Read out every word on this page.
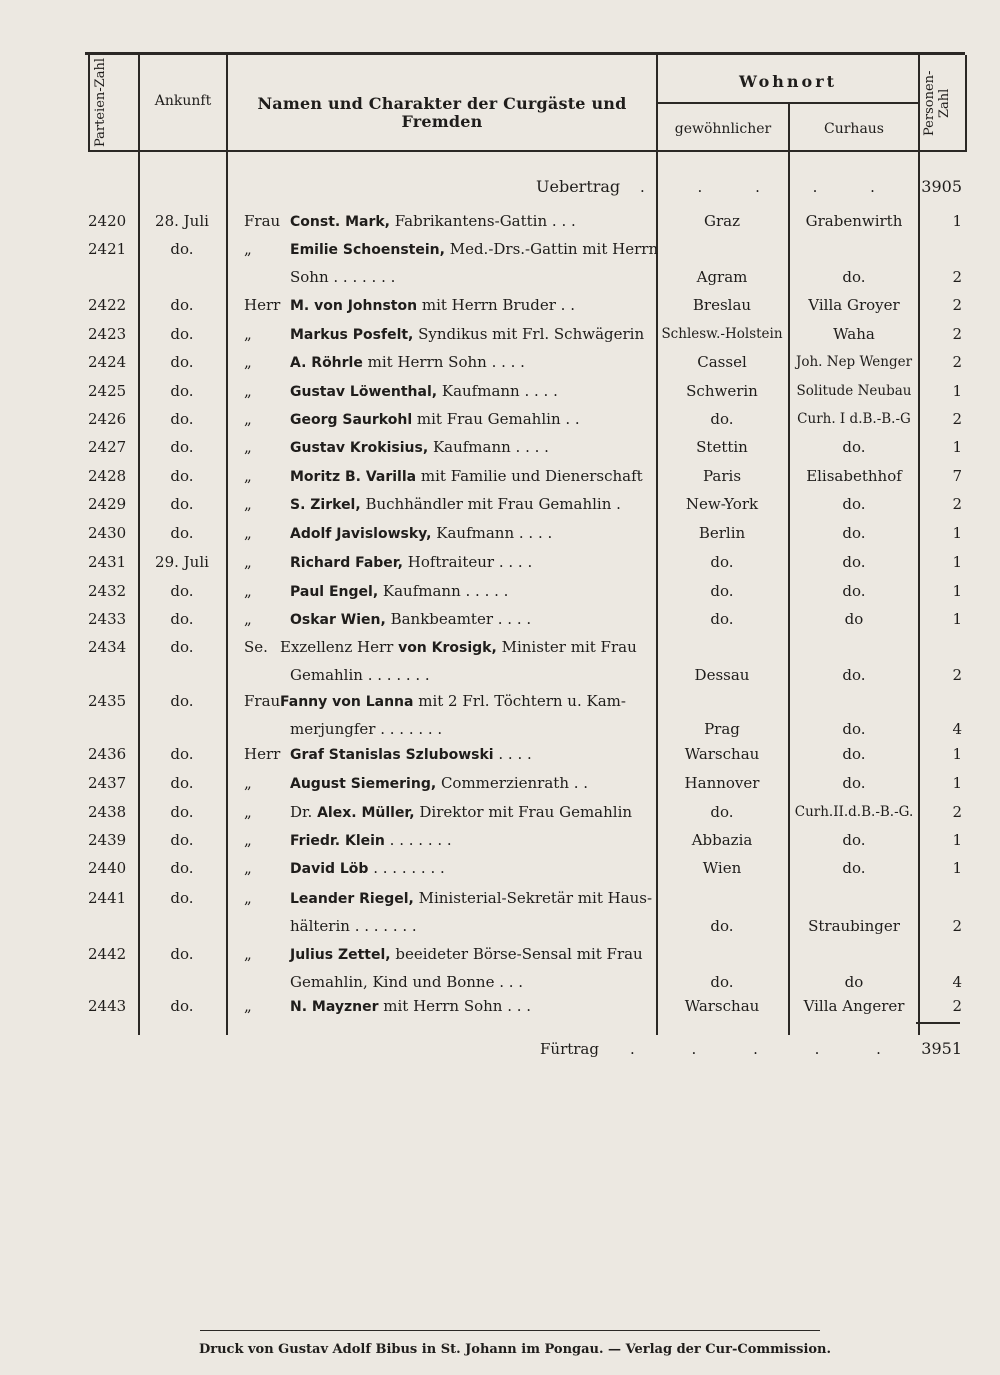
Parteien-Zahl	Ankunft	Namen und Charakter der Curgäste und Fremden
Wohnort
gewöhnlicher	Curhaus	Personen-Zahl
Uebertrag . . . . . 3905
2420	28. Juli	Frau Const. Mark, Fabrikantens-Gattin . . .	Graz	Grabenwirth	1
2421	do.	„	Emilie Schoenstein, Med.-Drs.-Gattin mit Herrn
Sohn . . . . . . .	Agram	do.	2
2422	do.	Herr M. von Johnston mit Herrn Bruder . .	Breslau	Villa Groyer	2
2423	do.	„	Markus Posfelt, Syndikus mit Frl. Schwägerin	Schlesw.-Holstein	Waha	2
2424	do.	„	A. Röhrle mit Herrn Sohn . . . .	Cassel	Joh. Nep Wenger	2
2425	do.	„	Gustav Löwenthal, Kaufmann . . . .	Schwerin	Solitude Neubau	1
2426	do.	„	Georg Saurkohl mit Frau Gemahlin . .	do.	Curh. I d.B.-B.-G	2
2427	do.	„	Gustav Krokisius, Kaufmann . . . .	Stettin	do.	1
2428	do.	„	Moritz B. Varilla mit Familie und Dienerschaft	Paris	Elisabethhof	7
2429	do.	„	S. Zirkel, Buchhändler mit Frau Gemahlin .	New-York	do.	2
2430	do.	„	Adolf Javislowsky, Kaufmann . . . .	Berlin	do.	1
2431	29. Juli	„	Richard Faber, Hoftraiteur . . . .	do.	do.	1
2432	do.	„	Paul Engel, Kaufmann . . . . .	do.	do.	1
2433	do.	„	Oskar Wien, Bankbeamter . . . .	do.	do	1
2434	do.	Se. Exzellenz Herr von Krosigk, Minister mit Frau
Gemahlin . . . . . . .	Dessau	do.	2
2435	do.	Frau Fanny von Lanna mit 2 Frl. Töchtern u. Kam-
merjungfer . . . . . . .	Prag	do.	4
2436	do.	Herr Graf Stanislas Szlubowski . . . .	Warschau	do.	1
2437	do.	„	August Siemering, Commerzienrath . .	Hannover	do.	1
2438	do.	„	Dr. Alex. Müller, Direktor mit Frau Gemahlin	do.	Curh.II.d.B.-B.-G.	2
2439	do.	„	Friedr. Klein . . . . . . .	Abbazia	do.	1
2440	do.	„	David Löb . . . . . . . .	Wien	do.	1
2441	do.	„	Leander Riegel, Ministerial-Sekretär mit Haus-
hälterin . . . . . . .	do.	Straubinger	2
2442	do.	„	Julius Zettel, beeideter Börse-Sensal mit Frau
Gemahlin, Kind und Bonne . . .	do.	do	4
2443	do.	„	N. Mayzner mit Herrn Sohn . . .	Warschau	Villa Angerer	2
Fürtrag . . . . . 3951
Druck von Gustav Adolf Bibus in St. Johann im Pongau. — Verlag der Cur-Commission.
